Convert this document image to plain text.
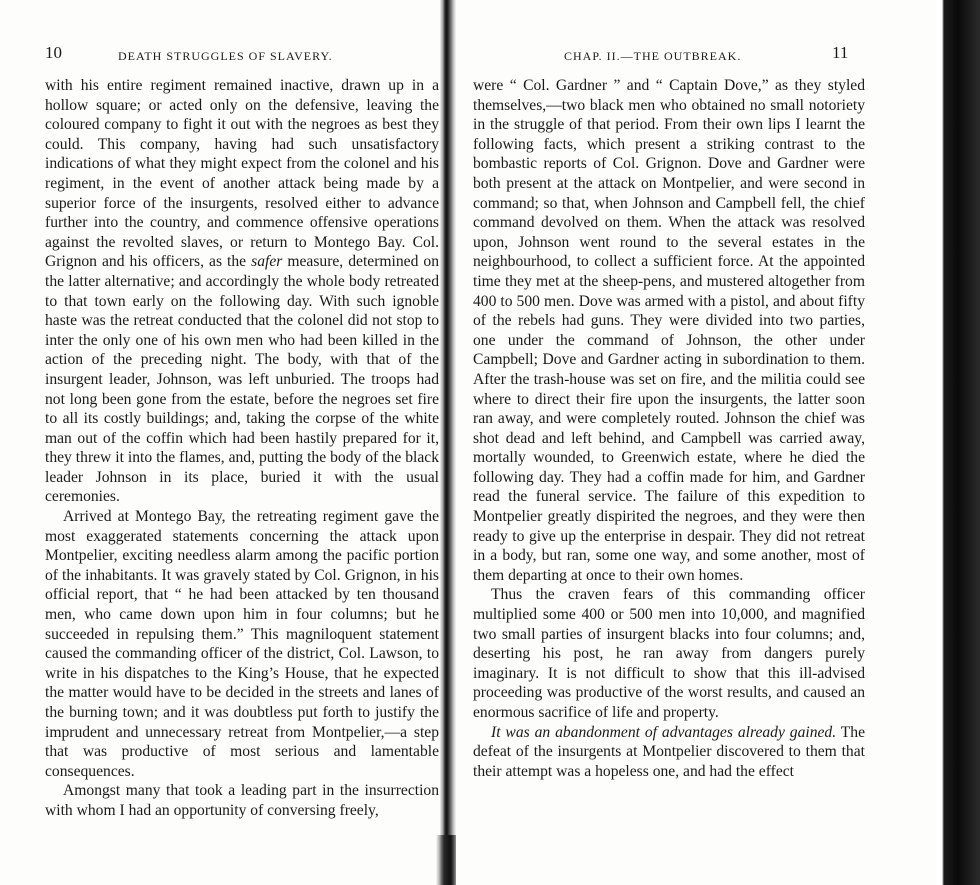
10	DEATH STRUGGLES OF SLAVERY.

with his entire regiment remained inactive, drawn up in a hollow square; or acted only on the defensive, leaving the coloured company to fight it out with the negroes as best they could. This company, having had such unsatisfactory indications of what they might expect from the colonel and his regiment, in the event of another attack being made by a superior force of the insurgents, resolved either to advance further into the country, and commence offensive operations against the revolted slaves, or return to Montego Bay. Col. Grignon and his officers, as the safer measure, determined on the latter alternative; and accordingly the whole body retreated to that town early on the following day. With such ignoble haste was the retreat conducted that the colonel did not stop to inter the only one of his own men who had been killed in the action of the preceding night. The body, with that of the insurgent leader, Johnson, was left unburied. The troops had not long been gone from the estate, before the negroes set fire to all its costly buildings; and, taking the corpse of the white man out of the coffin which had been hastily prepared for it, they threw it into the flames, and, putting the body of the black leader Johnson in its place, buried it with the usual ceremonies.

Arrived at Montego Bay, the retreating regiment gave the most exaggerated statements concerning the attack upon Montpelier, exciting needless alarm among the pacific portion of the inhabitants. It was gravely stated by Col. Grignon, in his official report, that “ he had been attacked by ten thousand men, who came down upon him in four columns; but he succeeded in repulsing them.” This magniloquent statement caused the commanding officer of the district, Col. Lawson, to write in his dispatches to the King’s House, that he expected the matter would have to be decided in the streets and lanes of the burning town; and it was doubtless put forth to justify the imprudent and unnecessary retreat from Montpelier,—a step that was productive of most serious and lamentable consequences.

Amongst many that took a leading part in the insurrection with whom I had an opportunity of conversing freely,

CHAP. II.—THE OUTBREAK.	11

were “ Col. Gardner ” and “ Captain Dove,” as they styled themselves,—two black men who obtained no small notoriety in the struggle of that period. From their own lips I learnt the following facts, which present a striking contrast to the bombastic reports of Col. Grignon. Dove and Gardner were both present at the attack on Montpelier, and were second in command; so that, when Johnson and Campbell fell, the chief command devolved on them. When the attack was resolved upon, Johnson went round to the several estates in the neighbourhood, to collect a sufficient force. At the appointed time they met at the sheep-pens, and mustered altogether from 400 to 500 men. Dove was armed with a pistol, and about fifty of the rebels had guns. They were divided into two parties, one under the command of Johnson, the other under Campbell; Dove and Gardner acting in subordination to them. After the trash-house was set on fire, and the militia could see where to direct their fire upon the insurgents, the latter soon ran away, and were completely routed. Johnson the chief was shot dead and left behind, and Campbell was carried away, mortally wounded, to Greenwich estate, where he died the following day. They had a coffin made for him, and Gardner read the funeral service. The failure of this expedition to Montpelier greatly dispirited the negroes, and they were then ready to give up the enterprise in despair. They did not retreat in a body, but ran, some one way, and some another, most of them departing at once to their own homes.

Thus the craven fears of this commanding officer multiplied some 400 or 500 men into 10,000, and magnified two small parties of insurgent blacks into four columns; and, deserting his post, he ran away from dangers purely imaginary. It is not difficult to show that this ill-advised proceeding was productive of the worst results, and caused an enormous sacrifice of life and property.

It was an abandonment of advantages already gained. The defeat of the insurgents at Montpelier discovered to them that their attempt was a hopeless one, and had the effect
